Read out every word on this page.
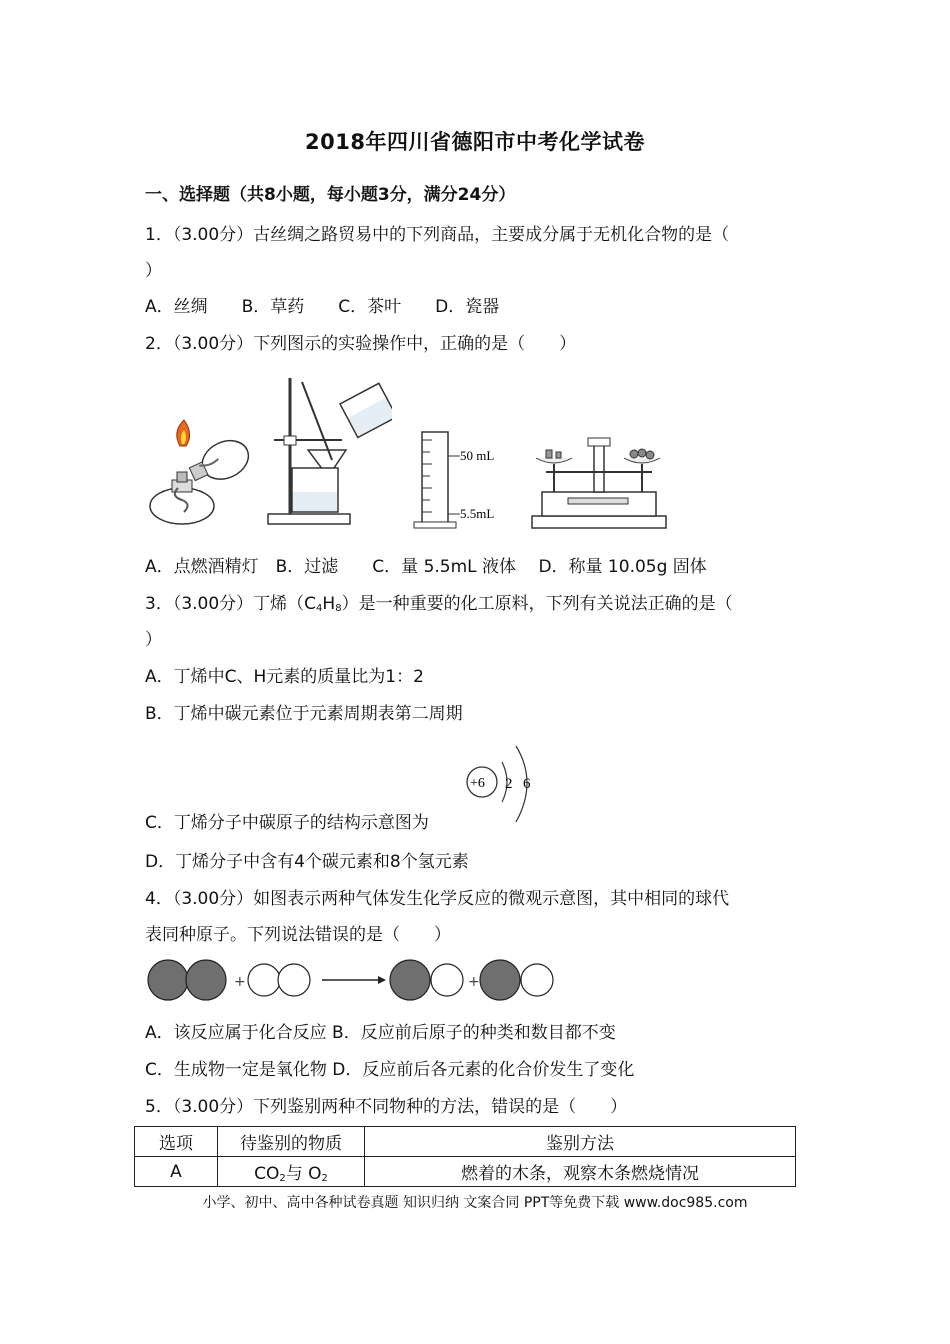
2018年四川省德阳市中考化学试卷
一、选择题（共8小题，每小题3分，满分24分）
1．（3.00分）古丝绸之路贸易中的下列商品，主要成分属于无机化合物的是（
）
A．丝绸　　B．草药　　C．茶叶　　D．瓷器
2．（3.00分）下列图示的实验操作中，正确的是（　　）
50 mL
5.5mL
A．点燃酒精灯　B．过滤　　C．量 5.5mL 液体　 D．称量 10.05g 固体
3．（3.00分）丁烯$(C_4H_8)$是一种重要的化工原料，下列有关说法正确的是（
）
A．丁烯中C、H元素的质量比为1：2
B．丁烯中碳元素位于元素周期表第二周期
+6 2 6
C．丁烯分子中碳原子的结构示意图为
D．丁烯分子中含有4个碳元素和8个氢元素
4．（3.00分）如图表示两种气体发生化学反应的微观示意图，其中相同的球代
表同种原子。下列说法错误的是（　　）
+	+
A．该反应属于化合反应 B．反应前后原子的种类和数目都不变
C．生成物一定是氧化物 D．反应前后各元素的化合价发生了变化
5．（3.00分）下列鉴别两种不同物种的方法，错误的是（　　）
选项	待鉴别的物质	鉴别方法
A	$CO_2$与 $O_2$	燃着的木条，观察木条燃烧情况
小学、初中、高中各种试卷真题 知识归纳 文案合同 PPT等免费下载 www.doc985.com
